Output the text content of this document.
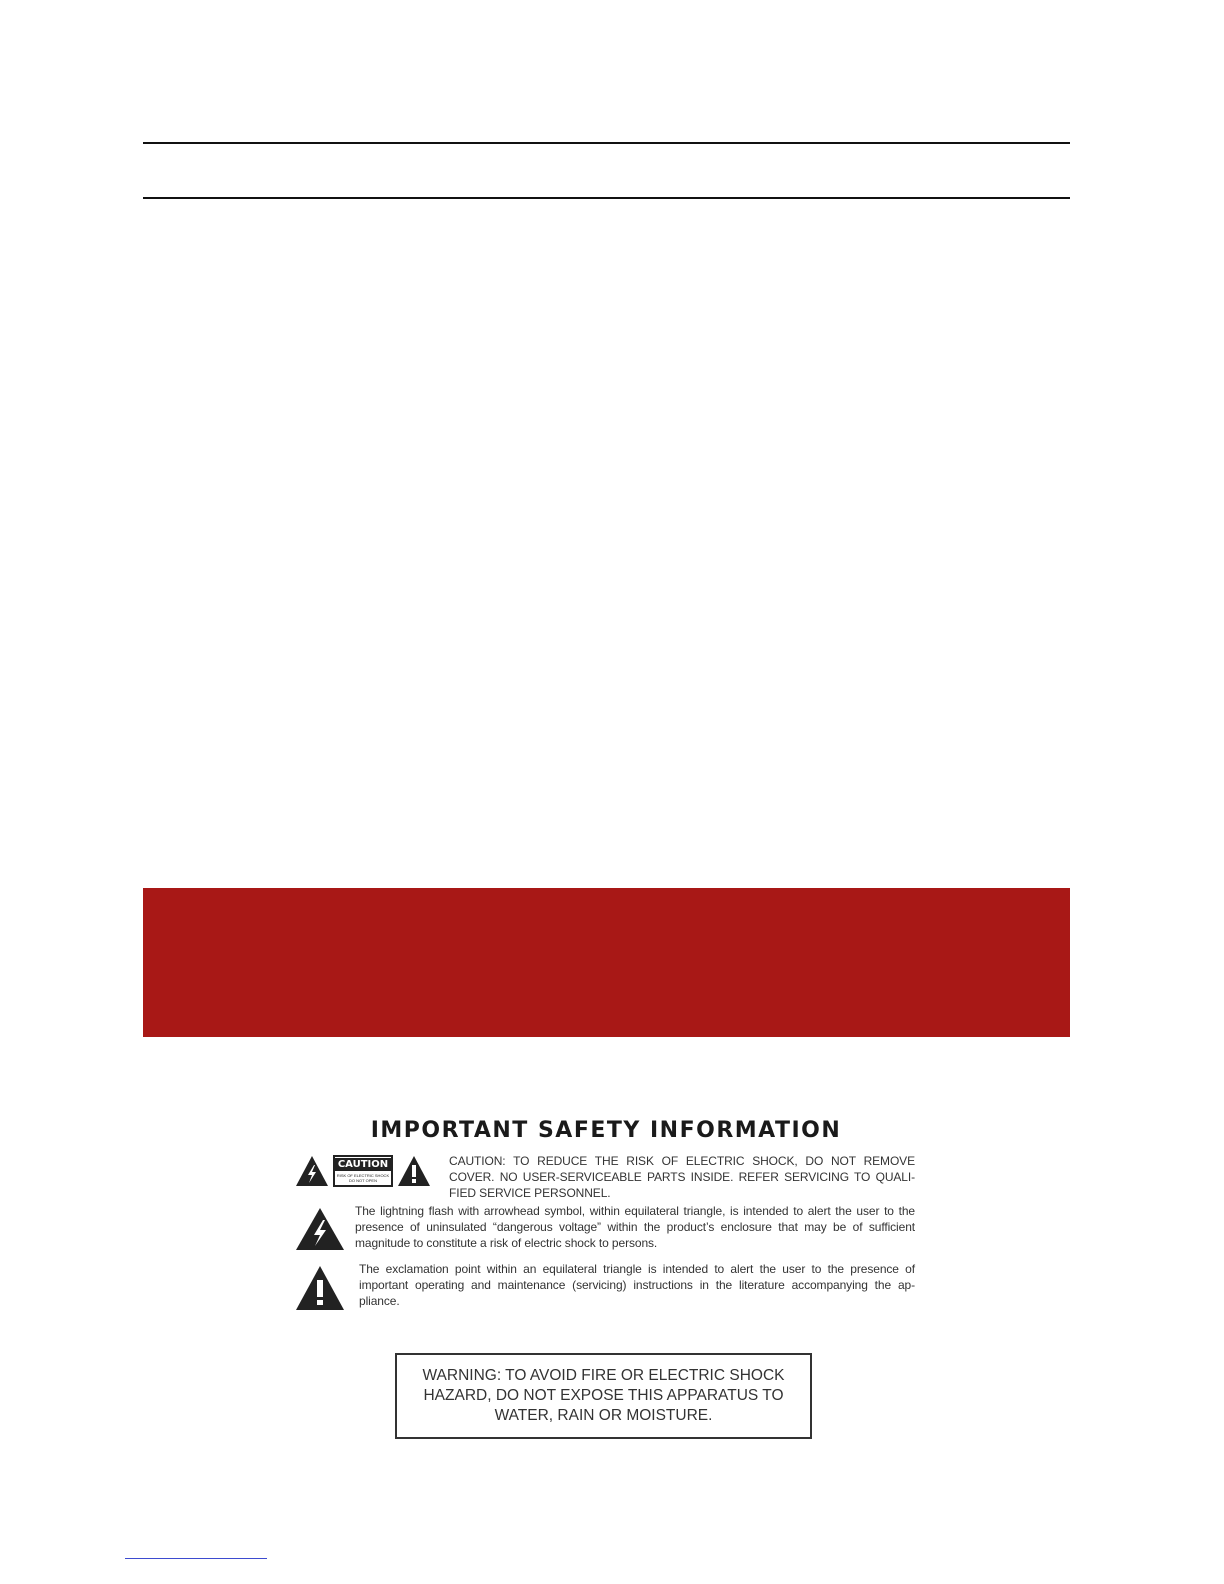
IMPORTANT SAFETY INFORMATION
CAUTION
RISK OF ELECTRIC SHOCK DO NOT OPEN
CAUTION: TO REDUCE THE RISK OF ELECTRIC SHOCK, DO NOT REMOVE COVER. NO USER-SERVICEABLE PARTS INSIDE. REFER SERVICING TO QUALI-FIED SERVICE PERSONNEL.
The lightning flash with arrowhead symbol, within equilateral triangle, is intended to alert the user to the presence of uninsulated “dangerous voltage” within the product’s enclosure that may be of sufficient magnitude to constitute a risk of electric shock to persons.
The exclamation point within an equilateral triangle is intended to alert the user to the presence of important operating and maintenance (servicing) instructions in the literature accompanying the ap-pliance.
WARNING: TO AVOID FIRE OR ELECTRIC SHOCK HAZARD, DO NOT EXPOSE THIS APPARATUS TO WATER, RAIN OR MOISTURE.
